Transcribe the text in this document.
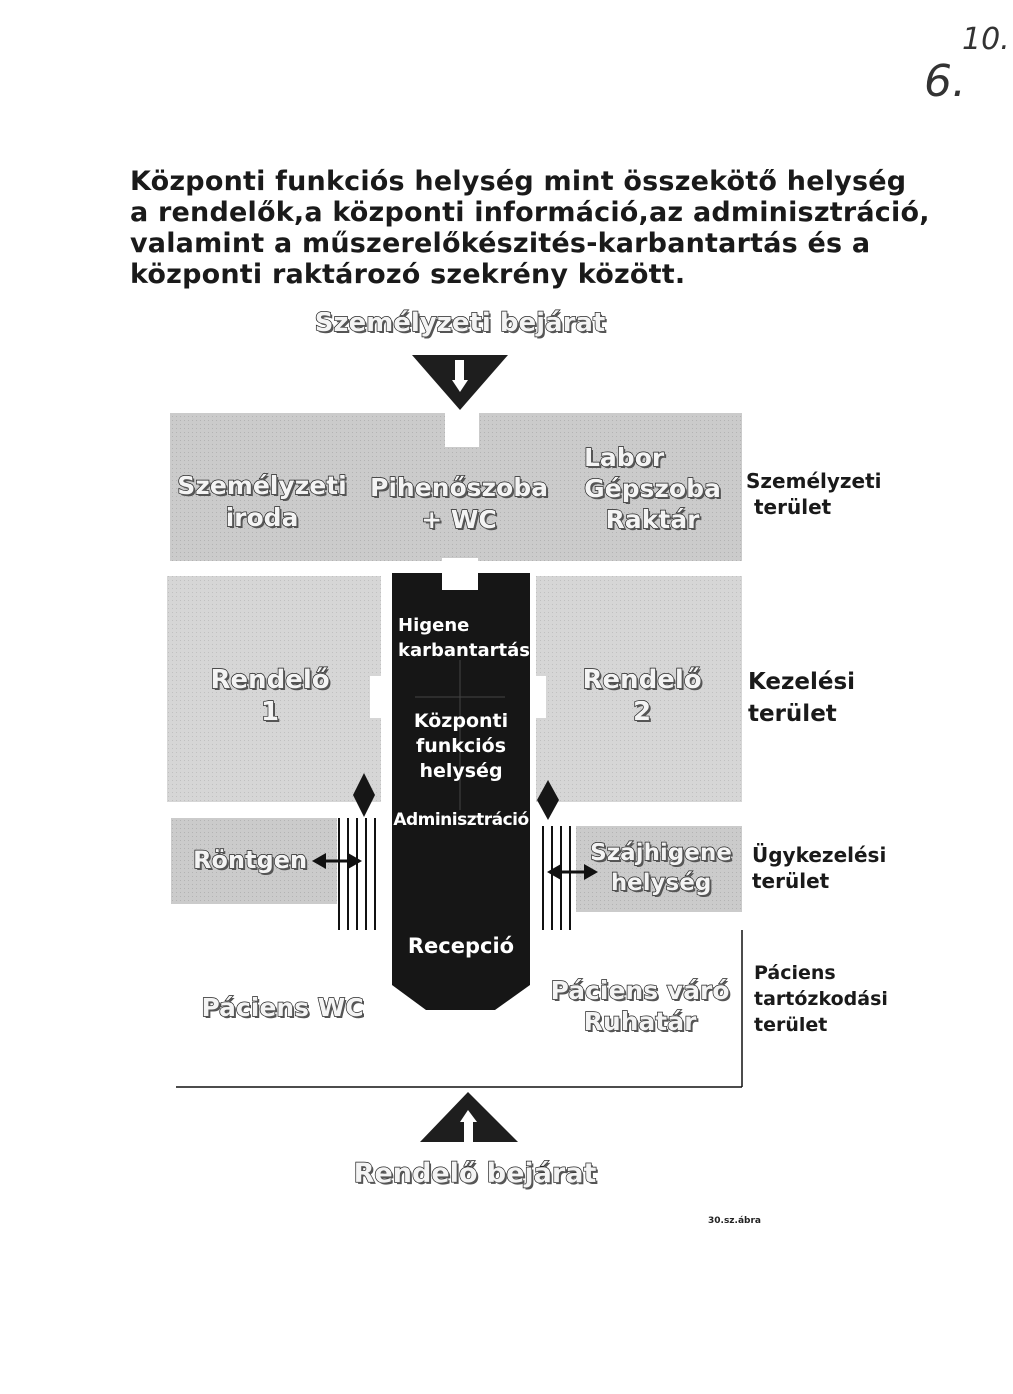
10.
6.
Központi funkciós helység mint összekötő helység
a rendelők,a központi információ,az adminisztráció,
valamint a műszerelőkészités-karbantartás és a
központi raktározó szekrény között.
Személyzeti bejárat
Rendelő bejárat
Személyzeti
iroda
Pihenőszoba
+ WC
Labor
Gépszoba
Raktár
Rendelő
1
Rendelő
2
Röntgen	Szájhigene
helység
Páciens WC
Páciens váró
Ruhatár
Higene
karbantartás
Központi
funkciós
helység
Adminisztráció
Recepció
Személyzeti
terület
Kezelési
terület
Ügykezelési
terület
Páciens
tartózkodási
terület
30.sz.ábra
